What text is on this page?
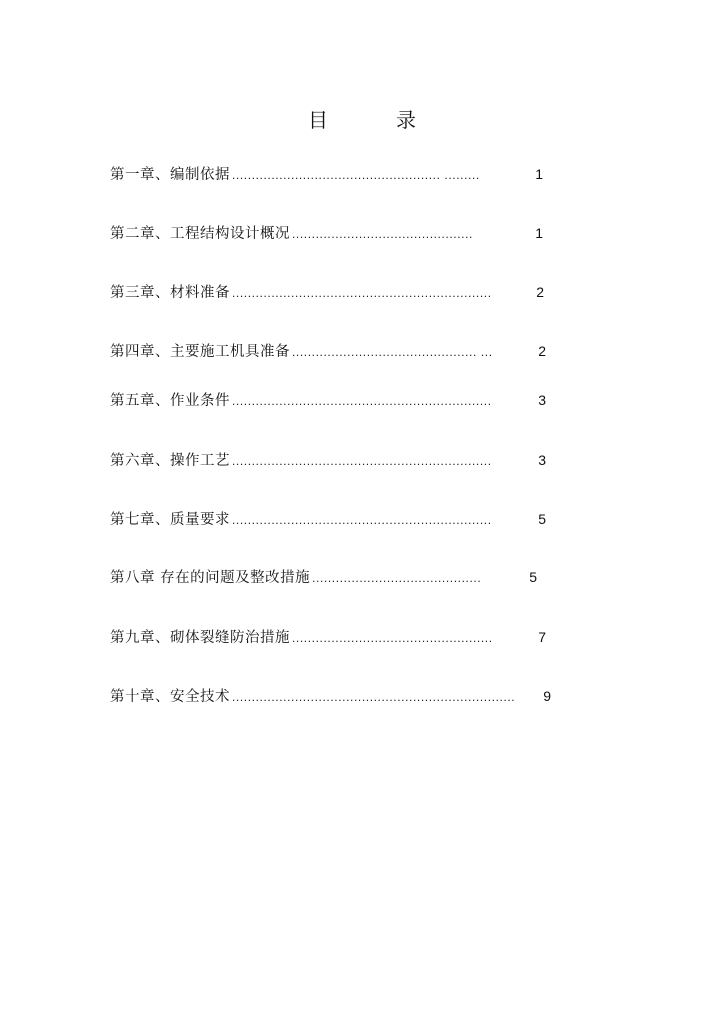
目	录
第一章、编制依据 ..................................................... .........	1
第二章、工程结构设计概况 ..............................................	1
第三章、材料准备 ..................................................................	2
第四章、主要施工机具准备 ............................................... ...	2
第五章、作业条件 ..................................................................	3
第六章、操作工艺 ..................................................................	3
第七章、质量要求 ..................................................................	5
第八章 存在的问题及整改措施 ...........................................	5
第九章、砌体裂缝防治措施 ...................................................	7
第十章、安全技术 ........................................................................	9
